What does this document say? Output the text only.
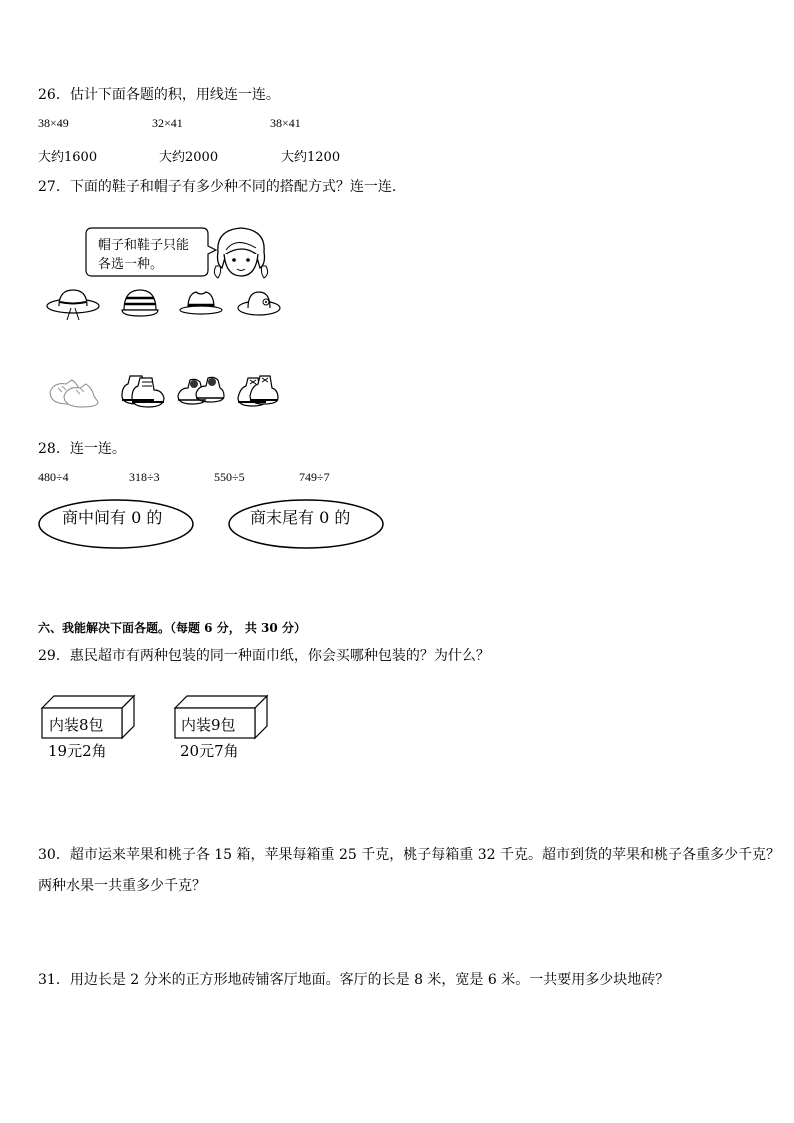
26．估计下面各题的积，用线连一连。
38×49	32×41	38×41
大约1600	大约2000	大约1200
27．下面的鞋子和帽子有多少种不同的搭配方式？连一连．
帽子和鞋子只能
各选一种。
28．连一连。
480÷4	318÷3	550÷5	749÷7
商中间有 0 的	商末尾有 0 的
六、我能解决下面各题。（每题 6 分， 共 30 分）
29．惠民超市有两种包装的同一种面巾纸，你会买哪种包装的？为什么？
内装8包
19元2角
内装9包
20元7角
30．超市运来苹果和桃子各 15 箱，苹果每箱重 25 千克，桃子每箱重 32 千克。超市到货的苹果和桃子各重多少千克？
两种水果一共重多少千克？
31．用边长是 2 分米的正方形地砖铺客厅地面。客厅的长是 8 米，宽是 6 米。一共要用多少块地砖？
